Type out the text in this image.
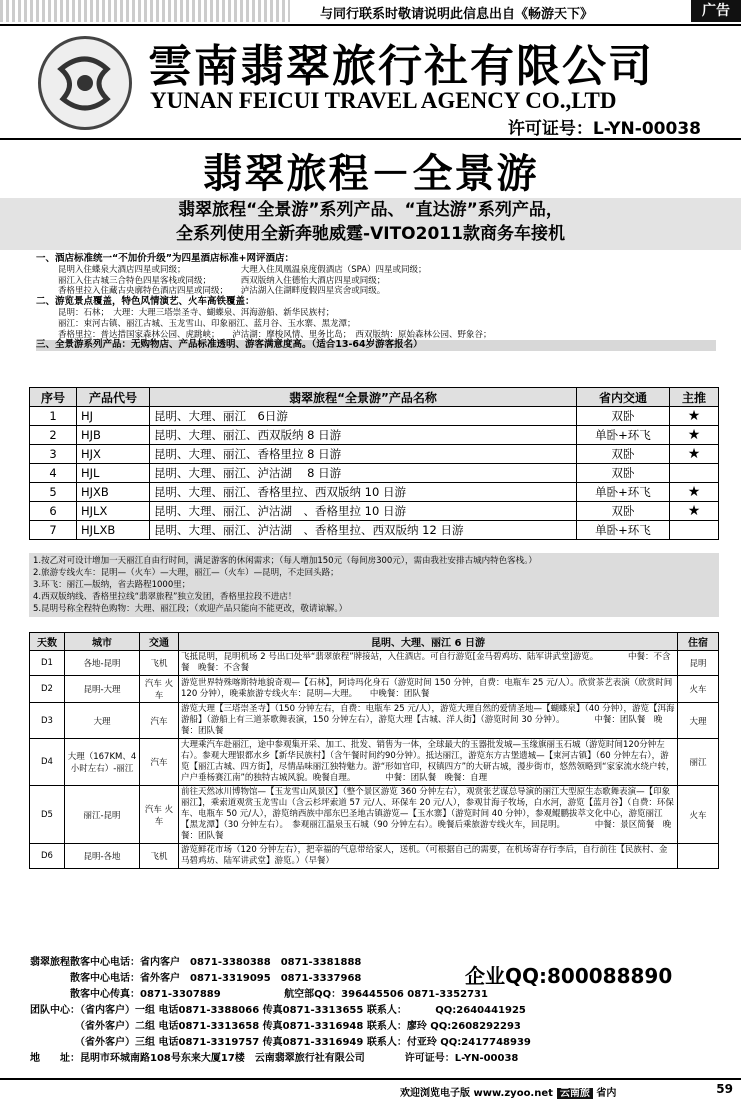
与同行联系时敬请说明此信息出自《畅游天下》	广告
雲南翡翠旅行社有限公司
YUNAN FEICUI TRAVEL AGENCY CO.,LTD
许可证号：L-YN-00038
翡翠旅程－全景游
翡翠旅程“全景游”系列产品、“直达游”系列产品，
全系列使用全新奔驰威霆-VITO2011款商务车接机
一、酒店标准统一“不加价升级”为四星酒店标准+网评酒店：
昆明入住蝶泉大酒店四星或同级；　　　　　　　大理入住凤凰温泉度假酒店（SPA）四星或同级；
丽江入住古城三合特色四星客栈或同级；　　　　西双版纳入住德怡大酒店四星或同级；
香格里拉入住藏古央廓特色酒店四星或同级；　　泸沽湖入住湖畔度假四星宾舍或同级。
二、游览景点覆盖，特色风情演艺、火车高铁覆盖：
昆明：石林；　大理：大理三塔崇圣寺、蝴蝶泉、洱海游船、新华民族村；
丽江：束河古镇、丽江古城、玉龙雪山、印象丽江、蓝月谷、玉水寨、黑龙潭；
香格里拉：普达措国家森林公园、虎跳峡；　　泸沽湖：摩梭风情、里务比岛；　西双版纳：原始森林公园、野象谷；
三、全景游系列产品：无购物店、产品标准透明、游客满意度高。（适合13-64岁游客报名）
序号	产品代号	翡翠旅程“全景游”产品名称	省内交通	主推
1	HJ	昆明、大理、丽江　6日游	双卧	★
2	HJB	昆明、大理、丽江、西双版纳 8 日游	单卧+环飞	★
3	HJX	昆明、大理、丽江、香格里拉 8 日游	双卧	★
4	HJL	昆明、大理、丽江、泸沽湖　 8 日游	双卧	
5	HJXB	昆明、大理、丽江、香格里拉、西双版纳 10 日游	单卧+环飞	★
6	HJLX	昆明、大理、丽江、泸沽湖　、香格里拉 10 日游	双卧	★
7	HJLXB	昆明、大理、丽江、泸沽湖　、香格里拉、西双版纳 12 日游	单卧+环飞	
1.按乙对可设计增加一天丽江自由行时间，满足游客的休闲需求；（每人增加150元（每间房300元），需由我社安排古城内特色客栈。）
2.旅游专线火车：昆明—（火车）—大理，丽江—（火车）—昆明，不走回头路；
3.环飞：丽江—版纳，省去路程1000里；
4.西双版纳线、香格里拉线“翡翠旅程”独立发团，香格里拉段不进店！
5.昆明号称全程特色购物：大理、丽江段；（欢迎产品只能向不能更改，敬请谅解。）
天数	城市	交通	昆明、大理、丽江 6 日游	住宿
D1	各地-昆明	飞机	飞抵昆明，昆明机场 2 号出口处举“翡翠旅程”牌接站，入住酒店。可自行游览[金马碧鸡坊、陆军讲武堂]游览。　　　　中餐：不含餐　晚餐：不含餐	昆明
D2	昆明-大理	汽车 火车	游览世界特殊喀斯特地貌奇观—【石林】，阿诗玛化身石（游览时间 150 分钟，自费：电瓶车 25 元/人）。欣赏茶艺表演（欣赏时间 120 分钟），晚乘旅游专线火车：昆明—大理。　　中晚餐：团队餐	火车
D3	大理	汽车	游览大理【三塔崇圣寺】（150 分钟左右，自费：电瓶车 25 元/人），游览大理自然的爱情圣地—【蝴蝶泉】（40 分钟），游览【洱海游船】（游船上有三道茶歌舞表演，150 分钟左右），游览大理【古城、洋人街】（游览时间 30 分钟）。　　　　中餐：团队餐　晚餐：团队餐	大理
D4	大理（167KM、4 小时左右）-丽江	汽车	大理乘汽车赴丽江，途中参观集开采、加工、批发、销售为一体，全球最大的玉器批发城—玉缘旗丽玉石城（游览时间120分钟左右）。参观大理银都水乡【新华民族村】（含午餐时间约90分钟）。抵达丽江，游览东方古堡遗城—【束河古镇】（60 分钟左右），游览【丽江古城、四方街】，尽情品味丽江独特魅力。游“形如官印，权镇四方”的大研古城，漫步街市，悠然领略到“家家流水绕户转，户户垂杨赛江南”的独特古城风貌。晚餐自理。　　　　中餐：团队餐　晚餐：自理	丽江
D5	丽江-昆明	汽车 火车	前往天然冰川博物馆—【玉龙雪山风景区】（整个景区游览 360 分钟左右），观赏张艺谋总导演的丽江大型原生态歌舞表演—【印象丽江】，乘索道观赏玉龙雪山（含云杉坪索道 57 元/人、环保车 20 元/人），参观甘海子牧场，白水河，游览【蓝月谷】（自费：环保车、电瓶车 50 元/人），游览纳西族中部东巴圣地古镇游览—【玉水寨】（游览时间 40 分钟），参观鲲鹏拔萃文化中心，游览丽江【黑龙潭】（30 分钟左右）。　参观丽江温泉玉石城（90 分钟左右）。晚餐后乘旅游专线火车，回昆明。　　　　中餐：景区简餐　晚餐：团队餐	火车
D6	昆明-各地	飞机	游览鲜花市场（120 分钟左右），把幸福的气息带给家人，送机。（可根据自己的需要，在机场寄存行李后，自行前往【民族村、金马碧鸡坊、陆军讲武堂】游览。）（早餐）	
翡翠旅程散客中心电话：省内客户　0871-3380388　0871-3381888
　　　　散客中心电话：省外客户　0871-3319095　0871-3337968
　　　　散客中心传真：0871-3307889　　　　　　 航空部QQ：396445506 0871-3352731
团队中心：（省内客户）一组 电话0871-3388066 传真0871-3313655 联系人：　　　 QQ:2640441925
　　　　　（省外客户）二组 电话0871-3313658 传真0871-3316948 联系人：廖玲 QQ:2608292293
　　　　　（省外客户）三组 电话0871-3319757 传真0871-3316949 联系人：付亚玲 QQ:2417748939
地　　址：昆明市环城南路108号东来大厦17楼　云南翡翠旅行社有限公司　　　　许可证号：L-YN-00038
企业QQ:800088890
欢迎浏览电子版 www.zyoo.net 云南旅 省内	59
